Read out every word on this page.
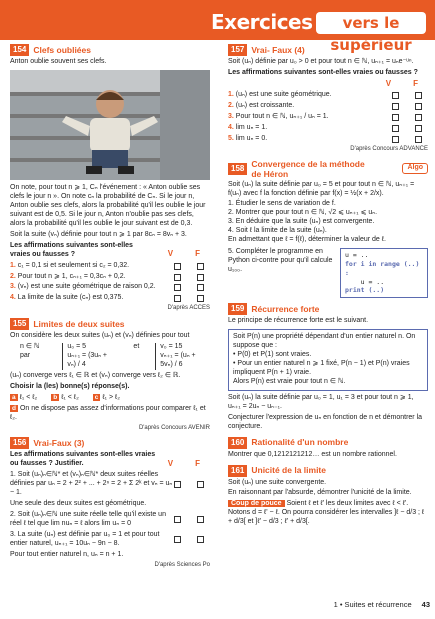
Exercices	vers le supérieur
154 Clefs oubliées
Anton oublie souvent ses clefs.
On note, pour tout n ⩾ 1, Cₙ l'événement : « Anton oublie ses clefs le jour n ». On note cₙ la probabilité de Cₙ. Si le jour n, Anton oublie ses clefs, alors la probabilité qu'il les oublie le jour suivant est de 0,5. Si le jour n, Anton n'oublie pas ses clefs, alors la probabilité qu'il les oublie le jour suivant est de 0,3.
Soit la suite (vₙ) définie pour tout n ⩾ 1 par 8cₙ = 8vₙ + 3.
Les affirmations suivantes sont-elles vraies ou fausses ?	V	F
1. c₁ = 0,1 si et seulement si c₂ = 0,32.
2. Pour tout n ⩾ 1, cₙ₊₁ = 0,3cₙ + 0,2.
3. (vₙ) est une suite géométrique de raison 0,2.
4. La limite de la suite (cₙ) est 0,375.
D'après ACCES
155 Limites de deux suites
On considère les deux suites (uₙ) et (vₙ) définies pour tout
n ∈ ℕ par
u₀ = 5
uₙ₊₁ = (3uₙ + vₙ) / 4
et	v₀ = 15
vₙ₊₁ = (uₙ + 5vₙ) / 6
(uₙ) converge vers ℓ₁ ∈ ℝ et (vₙ) converge vers ℓ₂ ∈ ℝ.
Choisir la (les) bonne(s) réponse(s).
a ℓ₁ < ℓ₂	b ℓ₁ < ℓ₂	c ℓ₁ > ℓ₂
d On ne dispose pas assez d'informations pour comparer ℓ₁ et ℓ₂.
D'après Concours AVENIR
156 Vrai-Faux (3)
Les affirmations suivantes sont-elles vraies ou fausses ? Justifier.	V	F
1. Soit (uₙ)ₙ∈ℕ* et (vₙ)ₙ∈ℕ* deux suites réelles définies par uₙ = 2 + 2² + ... + 2ⁿ = 2 + Σ 2ᵏ et vₙ = uₙ − 1.
Une seule des deux suites est géométrique.
2. Soit (uₙ)ₙ∈ℕ une suite réelle telle qu'il existe un réel ℓ tel que lim nuₙ = ℓ alors lim uₙ = 0
3. La suite (uₙ) est définie par u₀ = 1 et pour tout entier naturel, uₙ₊₁ = 10uₙ − 9n − 8.
Pour tout entier naturel n, uₙ = n + 1.
D'après Sciences Po
157 Vrai- Faux (4)
Soit (uₙ) définie par u₀ > 0 et pour tout n ∈ ℕ, uₙ₊₁ = uₙe⁻ᵘⁿ.
Les affirmations suivantes sont-elles vraies ou fausses ?
V	F
1. (uₙ) est une suite géométrique.
2. (uₙ) est croissante.
3. Pour tout n ∈ ℕ, uₙ₊₁ / uₙ = 1.
4. lim uₙ = 1.
5. lim uₙ = 0.
D'après Concours ADVANCE
158 Convergence de la méthode de Héron
Algo
Soit (uₙ) la suite définie par u₀ = 5 et pour tout n ∈ ℕ, uₙ₊₁ = f(uₙ) avec f la fonction définie par f(x) = ½(x + 2/x).
1. Étudier le sens de variation de f.
2. Montrer que pour tout n ∈ ℕ, √2 ⩽ uₙ₊₁ ⩽ uₙ.
3. En déduire que la suite (uₙ) est convergente.
4. Soit ℓ la limite de la suite (uₙ).
En admettant que ℓ = f(ℓ), déterminer la valeur de ℓ.
5. Compléter le programme en Python ci-contre pour qu'il calcule u₁₀₀.
u = ..
for i in range (..) :
u = ..
print (..)
159 Récurrence forte
Le principe de récurrence forte est le suivant.
Soit P(n) une propriété dépendant d'un entier naturel n. On suppose que :
• P(0) et P(1) sont vraies.
• Pour un entier naturel n ⩾ 1 fixé, P(n − 1) et P(n) vraies impliquent P(n + 1) vraie.
Alors P(n) est vraie pour tout n ∈ ℕ.
Soit (uₙ) la suite définie par u₀ = 1, u₁ = 3 et pour tout n ⩾ 1, uₙ₊₁ = 2uₙ − uₙ₋₁.
Conjecturer l'expression de uₙ en fonction de n et démontrer la conjecture.
160 Rationalité d'un nombre
Montrer que 0,1212121212… est un nombre rationnel.
161 Unicité de la limite
Soit (uₙ) une suite convergente.
En raisonnant par l'absurde, démontrer l'unicité de la limite.
Coup de pouce Soient ℓ et ℓ' les deux limites avec ℓ < ℓ'. Notons d = ℓ' − ℓ. On pourra considérer les intervalles ]ℓ − d/3 ; ℓ + d/3[ et ]ℓ' − d/3 ; ℓ' + d/3[.
1 • Suites et récurrence 43
